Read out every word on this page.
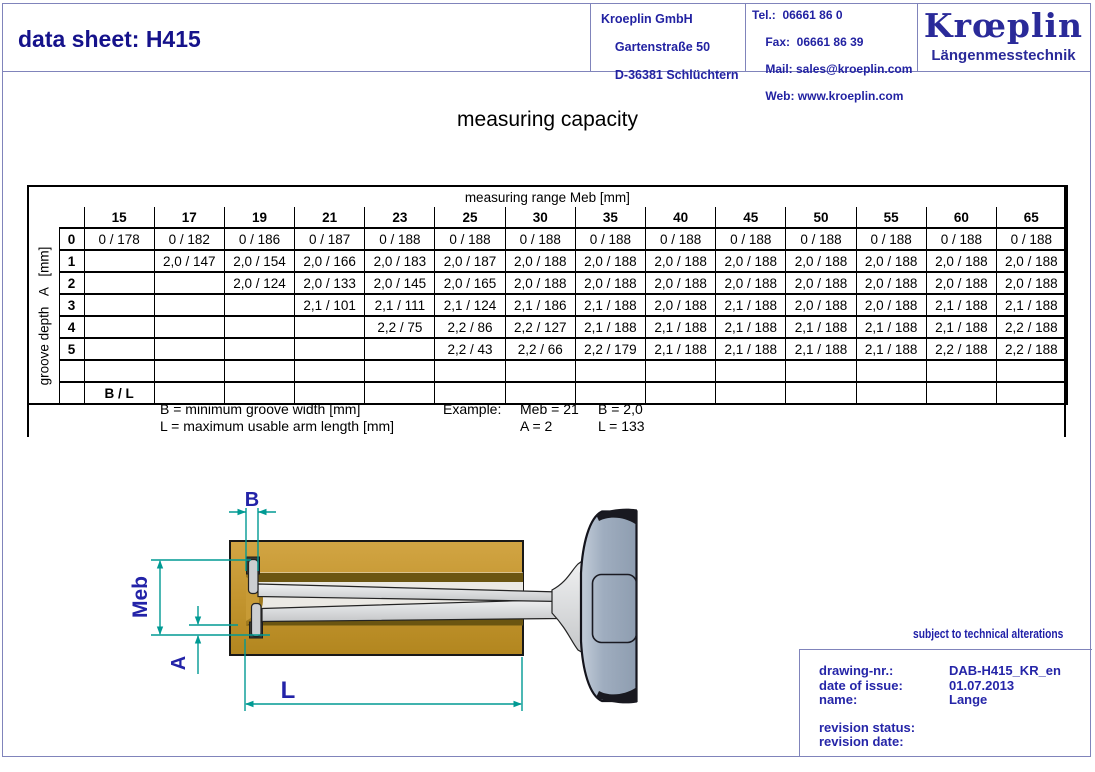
data sheet: H415
Kroeplin GmbH

Gartenstraße 50

D-36381 Schlüchtern
Tel.:  06661 86 0

Fax:  06661 86 39

Mail: sales@kroeplin.com

Web: www.kroeplin.com
Krœplin
Längenmesstechnik
measuring capacity
measuring range Meb [mm]															
		15	17	19	21	23	25	30	35	40	45	50	55	60	65

groove depth   A   [mm]	0	0 / 178	0 / 182	0 / 186	0 / 187	0 / 188	0 / 188	0 / 188	0 / 188	0 / 188	0 / 188	0 / 188	0 / 188	0 / 188	0 / 188
	1		2,0 / 147	2,0 / 154	2,0 / 166	2,0 / 183	2,0 / 187	2,0 / 188	2,0 / 188	2,0 / 188	2,0 / 188	2,0 / 188	2,0 / 188	2,0 / 188	2,0 / 188
	2			2,0 / 124	2,0 / 133	2,0 / 145	2,0 / 165	2,0 / 188	2,0 / 188	2,0 / 188	2,0 / 188	2,0 / 188	2,0 / 188	2,0 / 188	2,0 / 188
	3				2,1 / 101	2,1 / 111	2,1 / 124	2,1 / 186	2,1 / 188	2,0 / 188	2,1 / 188	2,0 / 188	2,0 / 188	2,1 / 188	2,1 / 188
	4					2,2 / 75	2,2 / 86	2,2 / 127	2,1 / 188	2,1 / 188	2,1 / 188	2,1 / 188	2,1 / 188	2,1 / 188	2,2 / 188
	5						2,2 / 43	2,2 / 66	2,2 / 179	2,1 / 188	2,1 / 188	2,1 / 188	2,1 / 188	2,2 / 188	2,2 / 188

		B / L													
B = minimum groove width [mm]
L = maximum usable arm length [mm]
Example: Meb = 21 B = 2,0
A = 2	L = 133
B
Meb
A
L
subject to technical alterations
drawing-nr.:	DAB-H415_KR_en
date of issue:	01.07.2013
name:	Lange
revision status:
revision date:
